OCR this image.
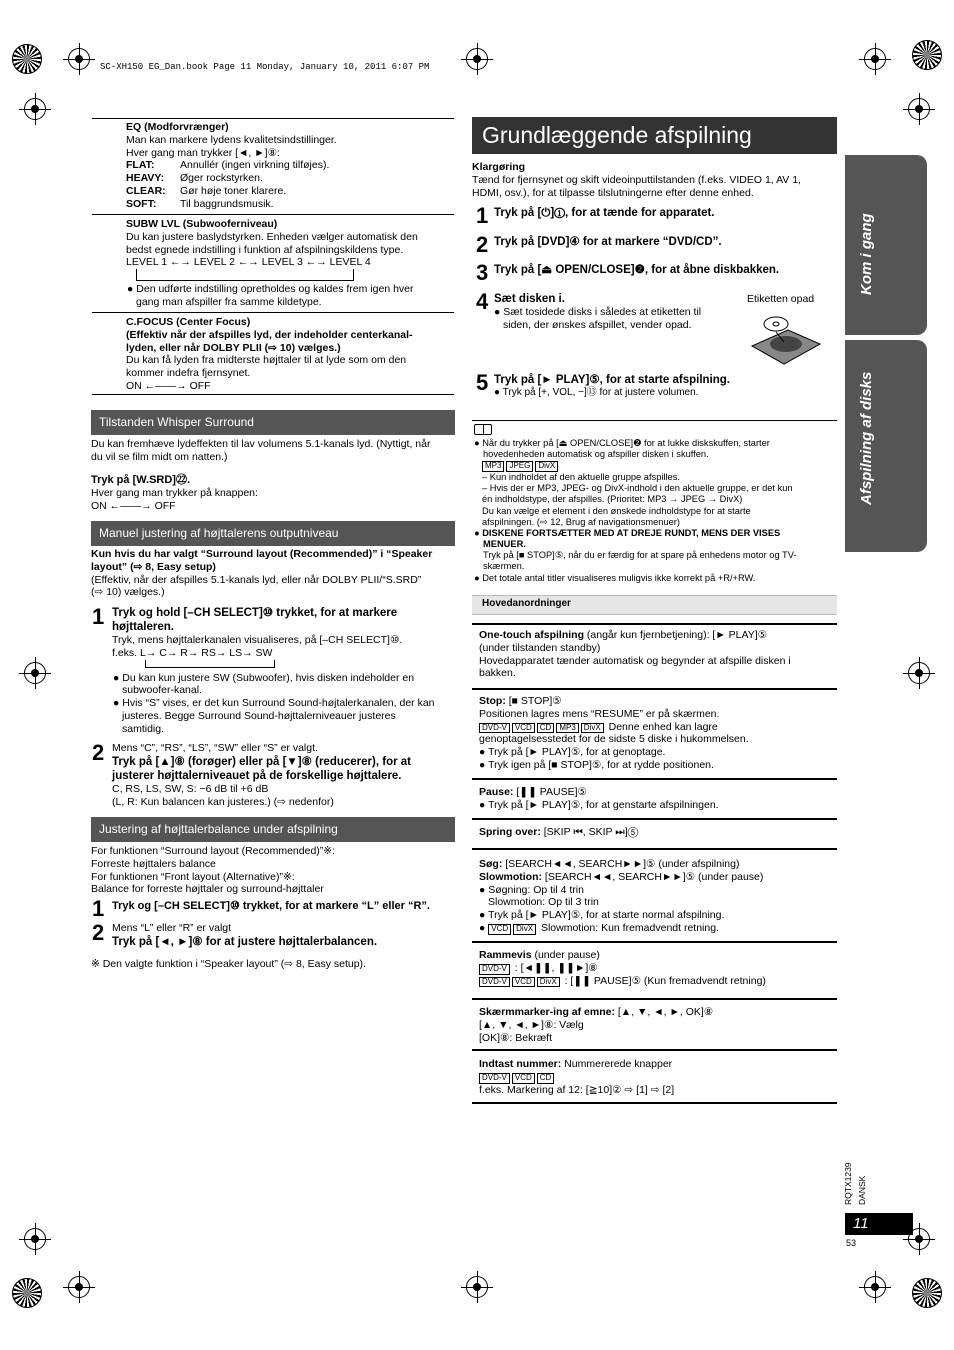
SC-XH150 EG_Dan.book Page 11 Monday, January 10, 2011 6:07 PM
EQ (Modforvrænger)
Man kan markere lydens kvalitetsindstillinger.
Hver gang man trykker [◄, ►]⑧:
FLAT: Annullér (ingen virkning tilføjes).
HEAVY: Øger rockstyrken.
CLEAR: Gør høje toner klarere.
SOFT: Til baggrundsmusik.
SUBW LVL (Subwooferniveau)
Du kan justere baslydstyrken. Enheden vælger automatisk den
bedst egnede indstilling i funktion af afspilningskildens type.
LEVEL 1 ←→ LEVEL 2 ←→ LEVEL 3 ←→ LEVEL 4
● Den udførte indstilling opretholdes og kaldes frem igen hver
gang man afspiller fra samme kildetype.
C.FOCUS (Center Focus)
(Effektiv når der afspilles lyd, der indeholder centerkanal-
lyden, eller når DOLBY PLII (⇨ 10) vælges.)
Du kan få lyden fra midterste højttaler til at lyde som om den
kommer indefra fjernsynet.
ON ←——→ OFF
Tilstanden Whisper Surround
Du kan fremhæve lydeffekten til lav volumens 5.1-kanals lyd. (Nyttigt, når
du vil se film midt om natten.)
Tryk på [W.SRD]㉒.
Hver gang man trykker på knappen:
ON ←——→ OFF
Manuel justering af højttalerens outputniveau
Kun hvis du har valgt “Surround layout (Recommended)” i “Speaker
layout” (⇨ 8, Easy setup)
(Effektiv, når der afspilles 5.1-kanals lyd, eller når DOLBY PLII/“S.SRD”
(⇨ 10) vælges.)
1 Tryk og hold [–CH SELECT]⑩ trykket, for at markere
højttaleren.
Tryk, mens højttalerkanalen visualiseres, på [–CH SELECT]⑩.
f.eks. L→ C→ R→ RS→ LS→ SW
● Du kan kun justere SW (Subwoofer), hvis disken indeholder en
subwoofer-kanal.
● Hvis “S” vises, er det kun Surround Sound-højtalerkanalen, der kan
justeres. Begge Surround Sound-højttalerniveauer justeres
samtidig.
2 Mens “C”, “RS”, “LS”, “SW” eller “S” er valgt.
Tryk på [▲]⑧ (forøger) eller på [▼]⑧ (reducerer), for at
justerer højttalerniveauet på de forskellige højttalere.
C, RS, LS, SW, S: −6 dB til +6 dB
(L, R: Kun balancen kan justeres.) (⇨ nedenfor)
Justering af højttalerbalance under afspilning
For funktionen “Surround layout (Recommended)”※:
Forreste højttalers balance
For funktionen “Front layout (Alternative)”※:
Balance for forreste højttaler og surround-højttaler
1 Tryk og [–CH SELECT]⑩ trykket, for at markere “L” eller “R”.
2 Mens “L” eller “R” er valgt
Tryk på [◄, ►]⑧ for at justere højttalerbalancen.
※ Den valgte funktion i “Speaker layout” (⇨ 8, Easy setup).
Grundlæggende afspilning
Klargøring
Tænd for fjernsynet og skift videoinputtilstanden (f.eks. VIDEO 1, AV 1,
HDMI, osv.), for at tilpasse tilslutningerne efter denne enhed.
1 Tryk på [⏻]①, for at tænde for apparatet.
2 Tryk på [DVD]④ for at markere “DVD/CD”.
3 Tryk på [⏏ OPEN/CLOSE]❷, for at åbne diskbakken.
4 Sæt disken i.
● Sæt tosidede disks i således at etiketten til
siden, der ønskes afspillet, vender opad.
Etiketten opad
5 Tryk på [► PLAY]⑤, for at starte afspilning.
● Tryk på [+, VOL, −]⑬ for at justere volumen.
● Når du trykker på [⏏ OPEN/CLOSE]❷ for at lukke diskskuffen, starter
hovedenheden automatisk og afspiller disken i skuffen.
MP3 JPEG DivX
– Kun indholdet af den aktuelle gruppe afspilles.
– Hvis der er MP3, JPEG- og DivX-indhold i den aktuelle gruppe, er det kun
én indholdstype, der afspilles. (Prioritet: MP3 → JPEG → DivX)
Du kan vælge et element i den ønskede indholdstype for at starte
afspilningen. (⇨ 12, Brug af navigationsmenuer)
● DISKENE FORTSÆTTER MED AT DREJE RUNDT, MENS DER VISES
MENUER.
Tryk på [■ STOP]⑤, når du er færdig for at spare på enhedens motor og TV-
skærmen.
● Det totale antal titler visualiseres muligvis ikke korrekt på +R/+RW.
Hovedanordninger
One-touch afspilning (angår kun fjernbetjening): [► PLAY]⑤
(under tilstanden standby)
Hovedapparatet tænder automatisk og begynder at afspille disken i
bakken.
Stop: [■ STOP]⑤
Positionen lagres mens “RESUME” er på skærmen.
DVD-V VCD CD MP3 DivX Denne enhed kan lagre
genoptagelsesstedet for de sidste 5 diske i hukommelsen.
● Tryk på [► PLAY]⑤, for at genoptage.
● Tryk igen på [■ STOP]⑤, for at rydde positionen.
Pause: [❚❚ PAUSE]⑤
● Tryk på [► PLAY]⑤, for at genstarte afspilningen.
Spring over: [SKIP ⏮, SKIP ⏭]⑤
Søg: [SEARCH◄◄, SEARCH►►]⑤ (under afspilning)
Slowmotion: [SEARCH◄◄, SEARCH►►]⑤ (under pause)
● Søgning: Op til 4 trin
Slowmotion: Op til 3 trin
● Tryk på [► PLAY]⑤, for at starte normal afspilning.
● VCD DivX Slowmotion: Kun fremadvendt retning.
Rammevis (under pause)
DVD-V : [◄❚❚, ❚❚►]⑧
DVD-V VCD DivX : [❚❚ PAUSE]⑤ (Kun fremadvendt retning)
Skærmmarker-ing af emne: [▲, ▼, ◄, ►, OK]⑧
[▲, ▼, ◄, ►]⑧: Vælg
[OK]⑧: Bekræft
Indtast nummer: Nummererede knapper
DVD-V VCD CD
f.eks. Markering af 12: [≧10]② ⇨ [1] ⇨ [2]
Kom i gang
Afspilning af disks
RQTX1239 DANSK
11
53
